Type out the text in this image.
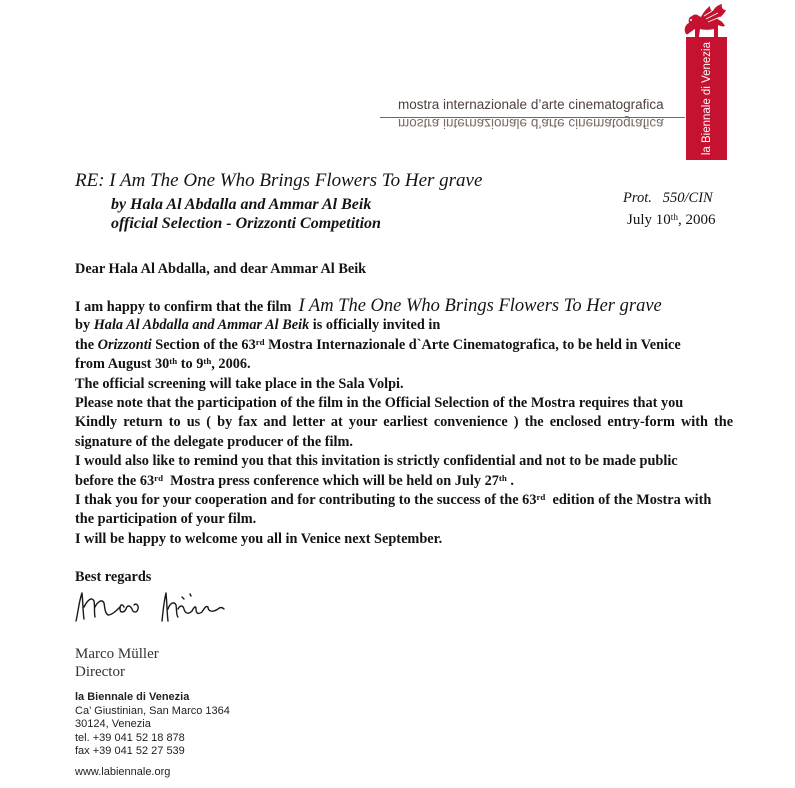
la Biennale di Venezia
mostra internazionale d’arte cinematografica
mostra internazionale d’arte cinematografica
RE: I Am The One Who Brings Flowers To Her grave
by Hala Al Abdalla and Ammar Al Beik
official Selection - Orizzonti Competition
Prot.   550/CIN
July 10th, 2006
Dear Hala Al Abdalla, and dear Ammar Al Beik
I am happy to confirm that the film I Am The One Who Brings Flowers To Her grave
by Hala Al Abdalla and Ammar Al Beik is officially invited in
the Orizzonti Section of the 63rd Mostra Internazionale d`Arte Cinematografica, to be held in Venice
from August 30th to 9th, 2006.
The official screening will take place in the Sala Volpi.
Please note that the participation of the film in the Official Selection of the Mostra requires that you
Kindly return to us ( by fax and letter at your earliest convenience ) the enclosed entry-form with the
signature of the delegate producer of the film.
I would also like to remind you that this invitation is strictly confidential and not to be made public
before the 63rd  Mostra press conference which will be held on July 27th .
I thak you for your cooperation and for contributing to the success of the 63rd  edition of the Mostra with
the participation of your film.
I will be happy to welcome you all in Venice next September.
Best regards
Marco Müller
Director
la Biennale di Venezia
Ca’ Giustinian, San Marco 1364
30124, Venezia
tel. +39 041 52 18 878
fax +39 041 52 27 539
www.labiennale.org
